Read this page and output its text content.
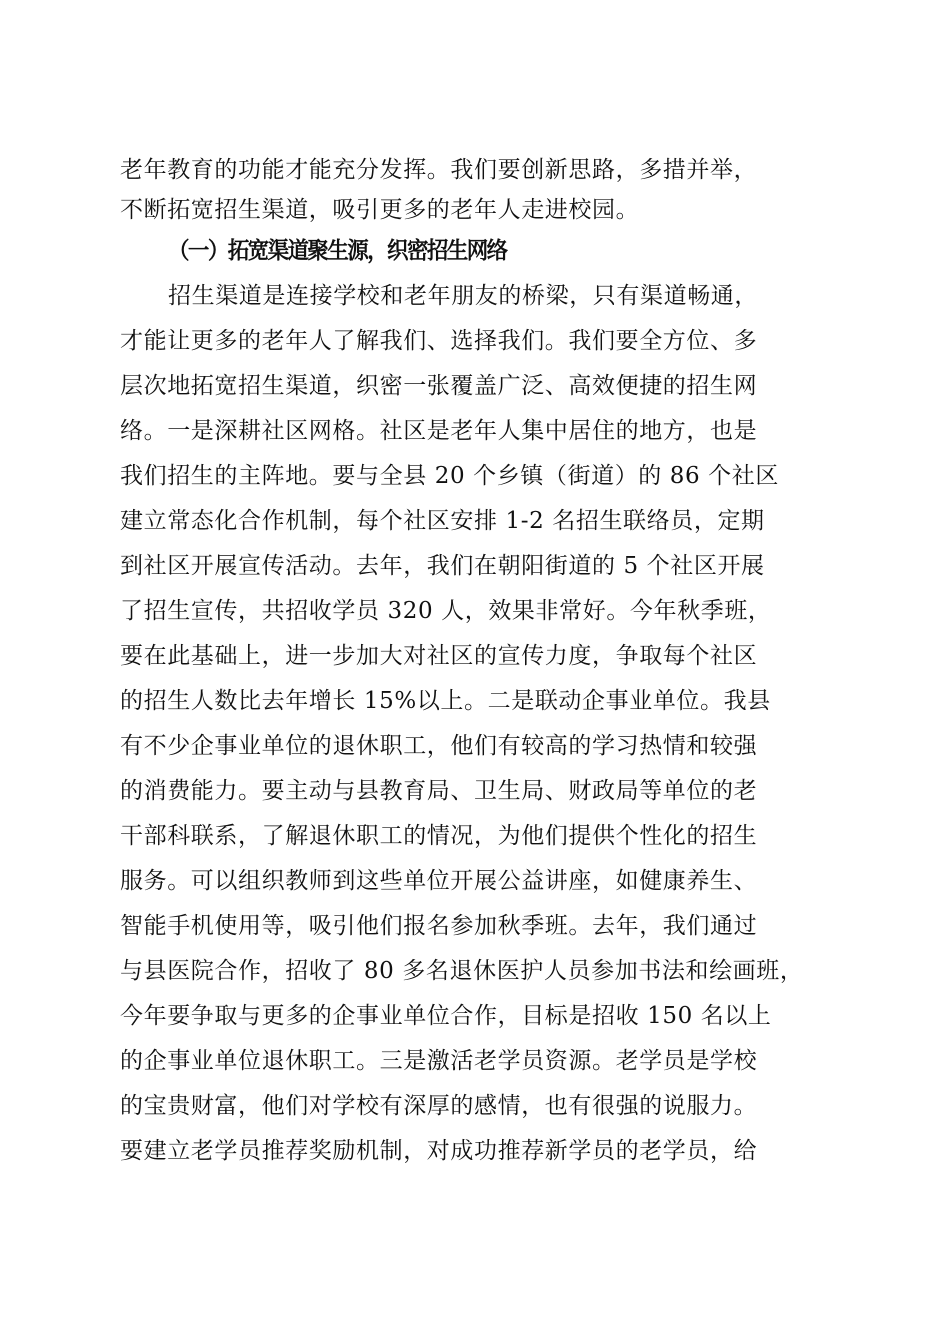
老年教育的功能才能充分发挥。我们要创新思路，多措并举，
不断拓宽招生渠道，吸引更多的老年人走进校园。
（一）拓宽渠道聚生源，织密招生网络
招生渠道是连接学校和老年朋友的桥梁，只有渠道畅通，
才能让更多的老年人了解我们、选择我们。我们要全方位、多
层次地拓宽招生渠道，织密一张覆盖广泛、高效便捷的招生网
络。一是深耕社区网格。社区是老年人集中居住的地方，也是
我们招生的主阵地。要与全县 20 个乡镇（街道）的 86 个社区
建立常态化合作机制，每个社区安排 1-2 名招生联络员，定期
到社区开展宣传活动。去年，我们在朝阳街道的 5 个社区开展
了招生宣传，共招收学员 320 人，效果非常好。今年秋季班，
要在此基础上，进一步加大对社区的宣传力度，争取每个社区
的招生人数比去年增长 15%以上。二是联动企事业单位。我县
有不少企事业单位的退休职工，他们有较高的学习热情和较强
的消费能力。要主动与县教育局、卫生局、财政局等单位的老
干部科联系，了解退休职工的情况，为他们提供个性化的招生
服务。可以组织教师到这些单位开展公益讲座，如健康养生、
智能手机使用等，吸引他们报名参加秋季班。去年，我们通过
与县医院合作，招收了 80 多名退休医护人员参加书法和绘画班，
今年要争取与更多的企事业单位合作，目标是招收 150 名以上
的企事业单位退休职工。三是激活老学员资源。老学员是学校
的宝贵财富，他们对学校有深厚的感情，也有很强的说服力。
要建立老学员推荐奖励机制，对成功推荐新学员的老学员，给
